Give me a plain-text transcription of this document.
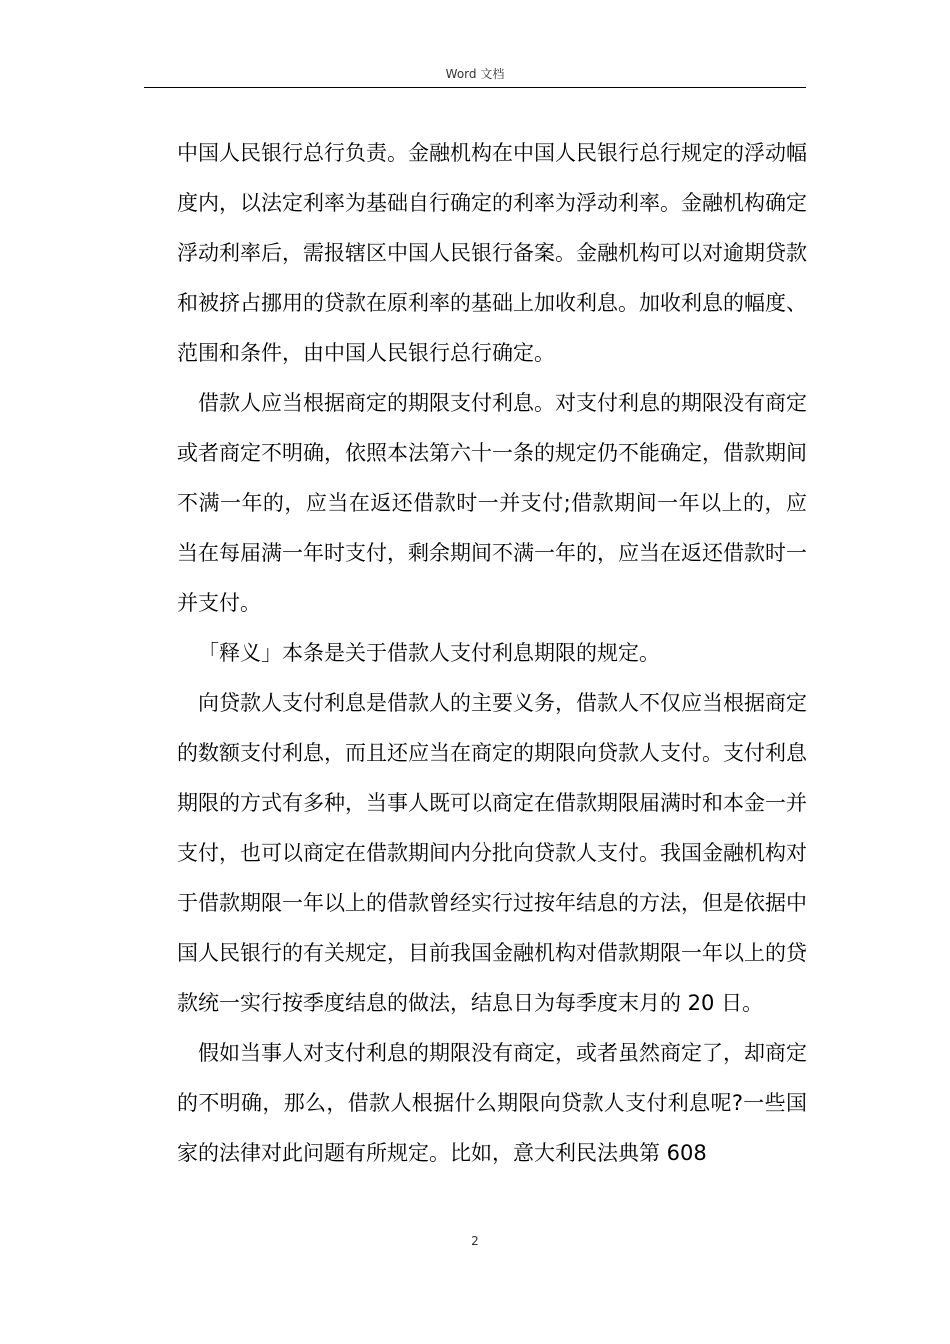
Word 文档

中国人民银行总行负责。金融机构在中国人民银行总行规定的浮动幅度内，以法定利率为基础自行确定的利率为浮动利率。金融机构确定浮动利率后，需报辖区中国人民银行备案。金融机构可以对逾期贷款和被挤占挪用的贷款在原利率的基础上加收利息。加收利息的幅度、范围和条件，由中国人民银行总行确定。

借款人应当根据商定的期限支付利息。对支付利息的期限没有商定或者商定不明确，依照本法第六十一条的规定仍不能确定，借款期间不满一年的，应当在返还借款时一并支付;借款期间一年以上的，应当在每届满一年时支付，剩余期间不满一年的，应当在返还借款时一并支付。

「释义」本条是关于借款人支付利息期限的规定。

向贷款人支付利息是借款人的主要义务，借款人不仅应当根据商定的数额支付利息，而且还应当在商定的期限向贷款人支付。支付利息期限的方式有多种，当事人既可以商定在借款期限届满时和本金一并支付，也可以商定在借款期间内分批向贷款人支付。我国金融机构对于借款期限一年以上的借款曾经实行过按年结息的方法，但是依据中国人民银行的有关规定，目前我国金融机构对借款期限一年以上的贷款统一实行按季度结息的做法，结息日为每季度末月的 20 日。

假如当事人对支付利息的期限没有商定，或者虽然商定了，却商定的不明确，那么，借款人根据什么期限向贷款人支付利息呢?一些国家的法律对此问题有所规定。比如，意大利民法典第 608

2
